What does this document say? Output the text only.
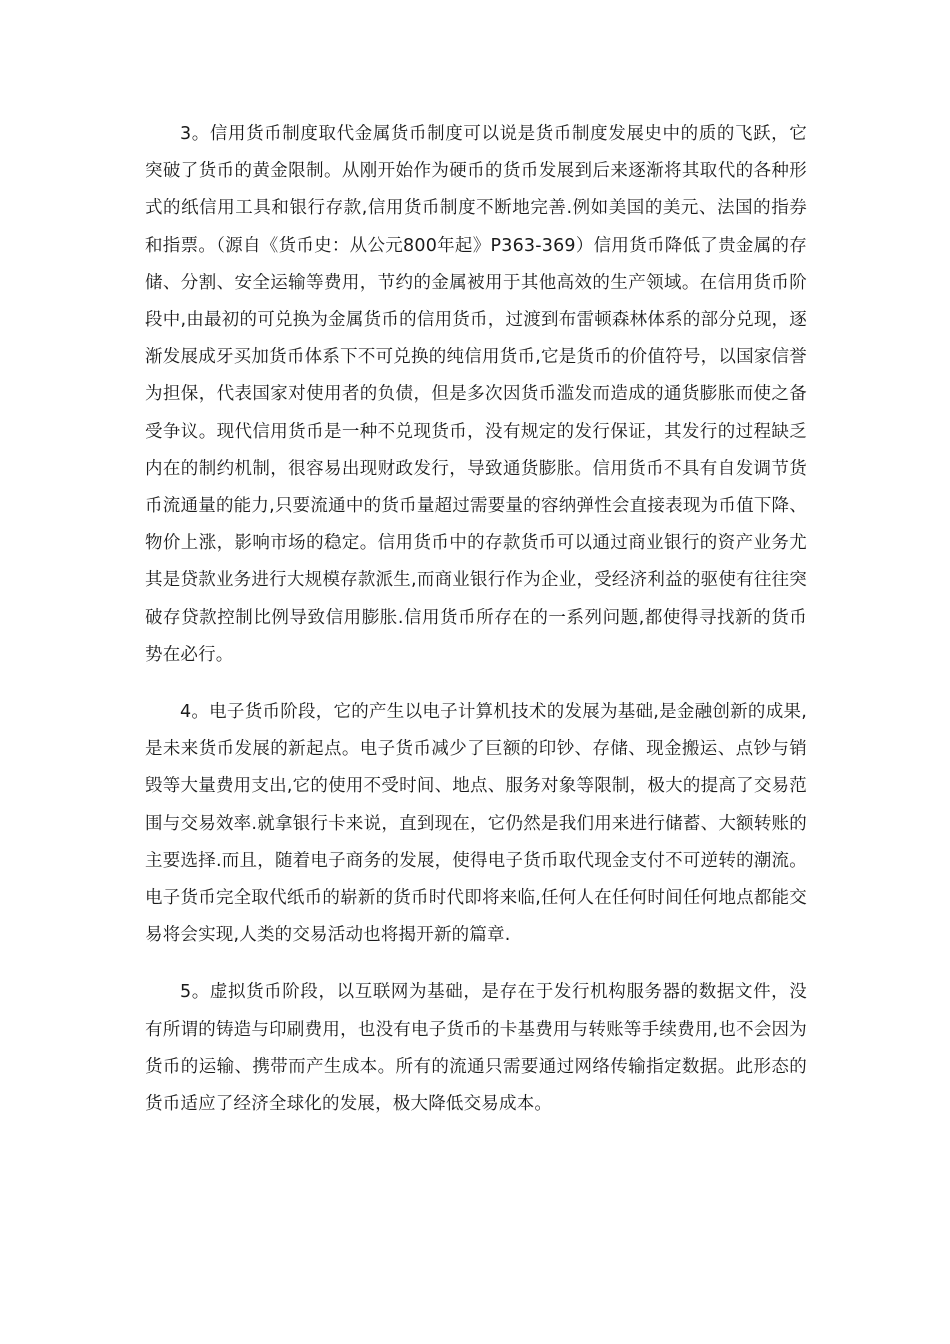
3。信用货币制度取代金属货币制度可以说是货币制度发展史中的质的飞跃，它突破了货币的黄金限制。从刚开始作为硬币的货币发展到后来逐渐将其取代的各种形式的纸信用工具和银行存款,信用货币制度不断地完善.例如美国的美元、法国的指券和指票。（源自《货币史：从公元800年起》P363-369）信用货币降低了贵金属的存储、分割、安全运输等费用，节约的金属被用于其他高效的生产领域。在信用货币阶段中,由最初的可兑换为金属货币的信用货币，过渡到布雷顿森林体系的部分兑现，逐渐发展成牙买加货币体系下不可兑换的纯信用货币,它是货币的价值符号，以国家信誉为担保，代表国家对使用者的负债，但是多次因货币滥发而造成的通货膨胀而使之备受争议。现代信用货币是一种不兑现货币，没有规定的发行保证，其发行的过程缺乏内在的制约机制，很容易出现财政发行，导致通货膨胀。信用货币不具有自发调节货币流通量的能力,只要流通中的货币量超过需要量的容纳弹性会直接表现为币值下降、物价上涨，影响市场的稳定。信用货币中的存款货币可以通过商业银行的资产业务尤其是贷款业务进行大规模存款派生,而商业银行作为企业，受经济利益的驱使有往往突破存贷款控制比例导致信用膨胀.信用货币所存在的一系列问题,都使得寻找新的货币势在必行。

4。电子货币阶段，它的产生以电子计算机技术的发展为基础,是金融创新的成果,是未来货币发展的新起点。电子货币减少了巨额的印钞、存储、现金搬运、点钞与销毁等大量费用支出,它的使用不受时间、地点、服务对象等限制，极大的提高了交易范围与交易效率.就拿银行卡来说，直到现在，它仍然是我们用来进行储蓄、大额转账的主要选择.而且，随着电子商务的发展，使得电子货币取代现金支付不可逆转的潮流。电子货币完全取代纸币的崭新的货币时代即将来临,任何人在任何时间任何地点都能交易将会实现,人类的交易活动也将揭开新的篇章.

5。虚拟货币阶段，以互联网为基础，是存在于发行机构服务器的数据文件，没有所谓的铸造与印刷费用，也没有电子货币的卡基费用与转账等手续费用,也不会因为货币的运输、携带而产生成本。所有的流通只需要通过网络传输指定数据。此形态的货币适应了经济全球化的发展，极大降低交易成本。
